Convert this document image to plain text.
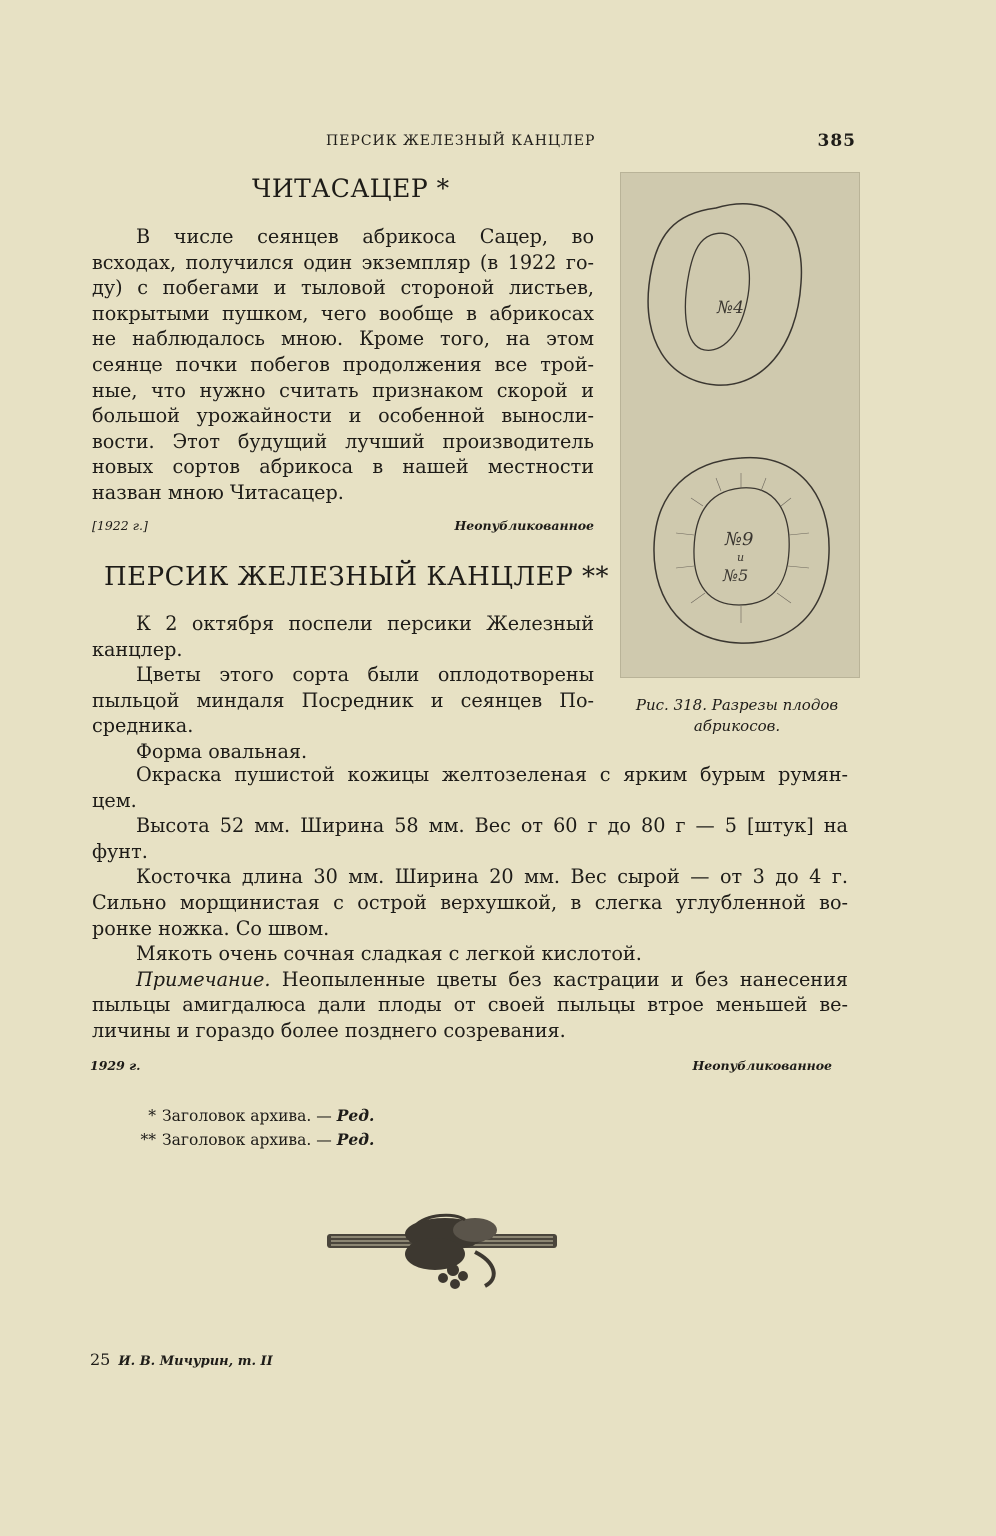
ПЕРСИК ЖЕЛЕЗНЫЙ КАНЦЛЕР	385
ЧИТАСАЦЕР *
В числе сеянцев абрикоса Сацер, во
всходах, получился один экземпляр (в 1922 го-
ду) с побегами и тыловой стороной листьев,
покрытыми пушком, чего вообще в абрикосах
не наблюдалось мною. Кроме того, на этом
сеянце почки побегов продолжения все трой-
ные, что нужно считать признаком скорой и
большой урожайности и особенной выносли-
вости. Этот будущий лучший производитель
новых сортов абрикоса в нашей местности
назван мною Читасацер.
[1922 г.]	Неопубликованное
ПЕРСИК ЖЕЛЕЗНЫЙ КАНЦЛЕР **
К 2 октября поспели персики Железный
канцлер.
Цветы этого сорта были оплодотворены
пыльцой миндаля Посредник и сеянцев По-
средника.
Форма овальная.
Окраска пушистой кожицы желтозеленая с ярким бурым румян-
цем.
Высота 52 мм. Ширина 58 мм. Вес от 60 г до 80 г — 5 [штук] на
фунт.
Косточка длина 30 мм. Ширина 20 мм. Вес сырой — от 3 до 4 г.
Сильно морщинистая с острой верхушкой, в слегка углубленной во-
ронке ножка. Со швом.
Мякоть очень сочная сладкая с легкой кислотой.
Примечание. Неопыленные цветы без кастрации и без нанесения
пыльцы амигдалюса дали плоды от своей пыльцы втрое меньшей ве-
личины и гораздо более позднего созревания.
1929 г.	Неопубликованное
№4
№9
и
№5
Рис. 318. Разрезы плодов
абрикосов.
* Заголовок архива. — Ред.
** Заголовок архива. — Ред.
25 И. В. Мичурин, т. II
